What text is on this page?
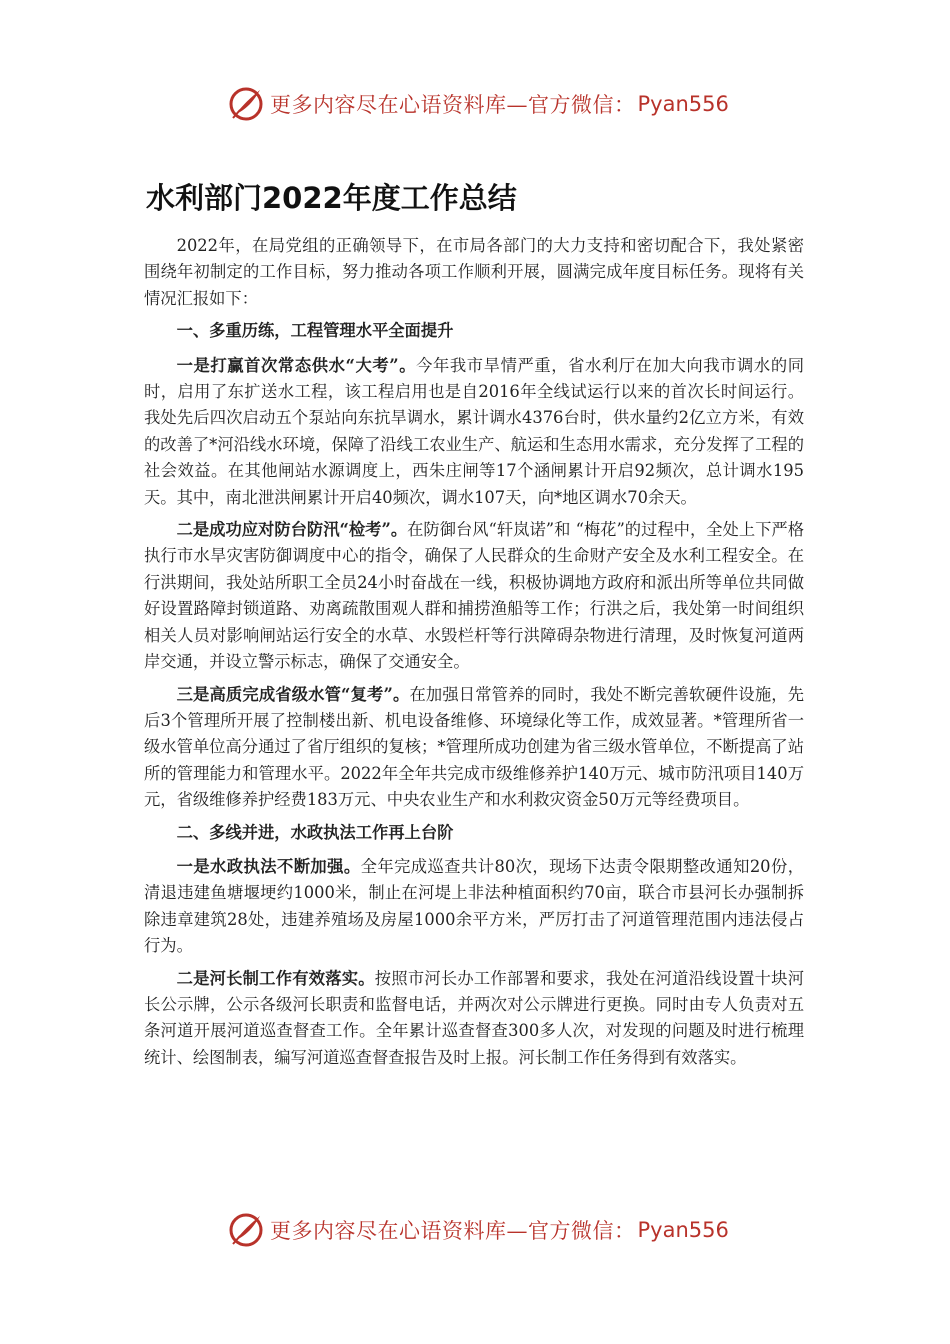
更多内容尽在心语资料库—官方微信： Pyan556
水利部门2022年度工作总结

2022年，在局党组的正确领导下，在市局各部门的大力支持和密切配合下，我处紧密围绕年初制定的工作目标，努力推动各项工作顺利开展，圆满完成年度目标任务。现将有关情况汇报如下：

一、多重历练，工程管理水平全面提升

一是打赢首次常态供水“大考”。今年我市旱情严重，省水利厅在加大向我市调水的同时，启用了东扩送水工程，该工程启用也是自2016年全线试运行以来的首次长时间运行。我处先后四次启动五个泵站向东抗旱调水，累计调水4376台时，供水量约2亿立方米，有效的改善了*河沿线水环境，保障了沿线工农业生产、航运和生态用水需求，充分发挥了工程的社会效益。在其他闸站水源调度上，西朱庄闸等17个涵闸累计开启92频次，总计调水195天。其中，南北泄洪闸累计开启40频次，调水107天，向*地区调水70余天。

二是成功应对防台防汛“检考”。在防御台风“轩岚诺”和 “梅花”的过程中，全处上下严格执行市水旱灾害防御调度中心的指令，确保了人民群众的生命财产安全及水利工程安全。在行洪期间，我处站所职工全员24小时奋战在一线，积极协调地方政府和派出所等单位共同做好设置路障封锁道路、劝离疏散围观人群和捕捞渔船等工作；行洪之后，我处第一时间组织相关人员对影响闸站运行安全的水草、水毁栏杆等行洪障碍杂物进行清理，及时恢复河道两岸交通，并设立警示标志，确保了交通安全。

三是高质完成省级水管“复考”。在加强日常管养的同时，我处不断完善软硬件设施，先后3个管理所开展了控制楼出新、机电设备维修、环境绿化等工作，成效显著。*管理所省一级水管单位高分通过了省厅组织的复核；*管理所成功创建为省三级水管单位，不断提高了站所的管理能力和管理水平。2022年全年共完成市级维修养护140万元、城市防汛项目140万元，省级维修养护经费183万元、中央农业生产和水利救灾资金50万元等经费项目。

二、多线并进，水政执法工作再上台阶

一是水政执法不断加强。全年完成巡查共计80次，现场下达责令限期整改通知20份，清退违建鱼塘堰埂约1000米，制止在河堤上非法种植面积约70亩，联合市县河长办强制拆除违章建筑28处，违建养殖场及房屋1000余平方米，严厉打击了河道管理范围内违法侵占行为。

二是河长制工作有效落实。按照市河长办工作部署和要求，我处在河道沿线设置十块河长公示牌，公示各级河长职责和监督电话，并两次对公示牌进行更换。同时由专人负责对五条河道开展河道巡查督查工作。全年累计巡查督查300多人次，对发现的问题及时进行梳理统计、绘图制表，编写河道巡查督查报告及时上报。河长制工作任务得到有效落实。

更多内容尽在心语资料库—官方微信： Pyan556
